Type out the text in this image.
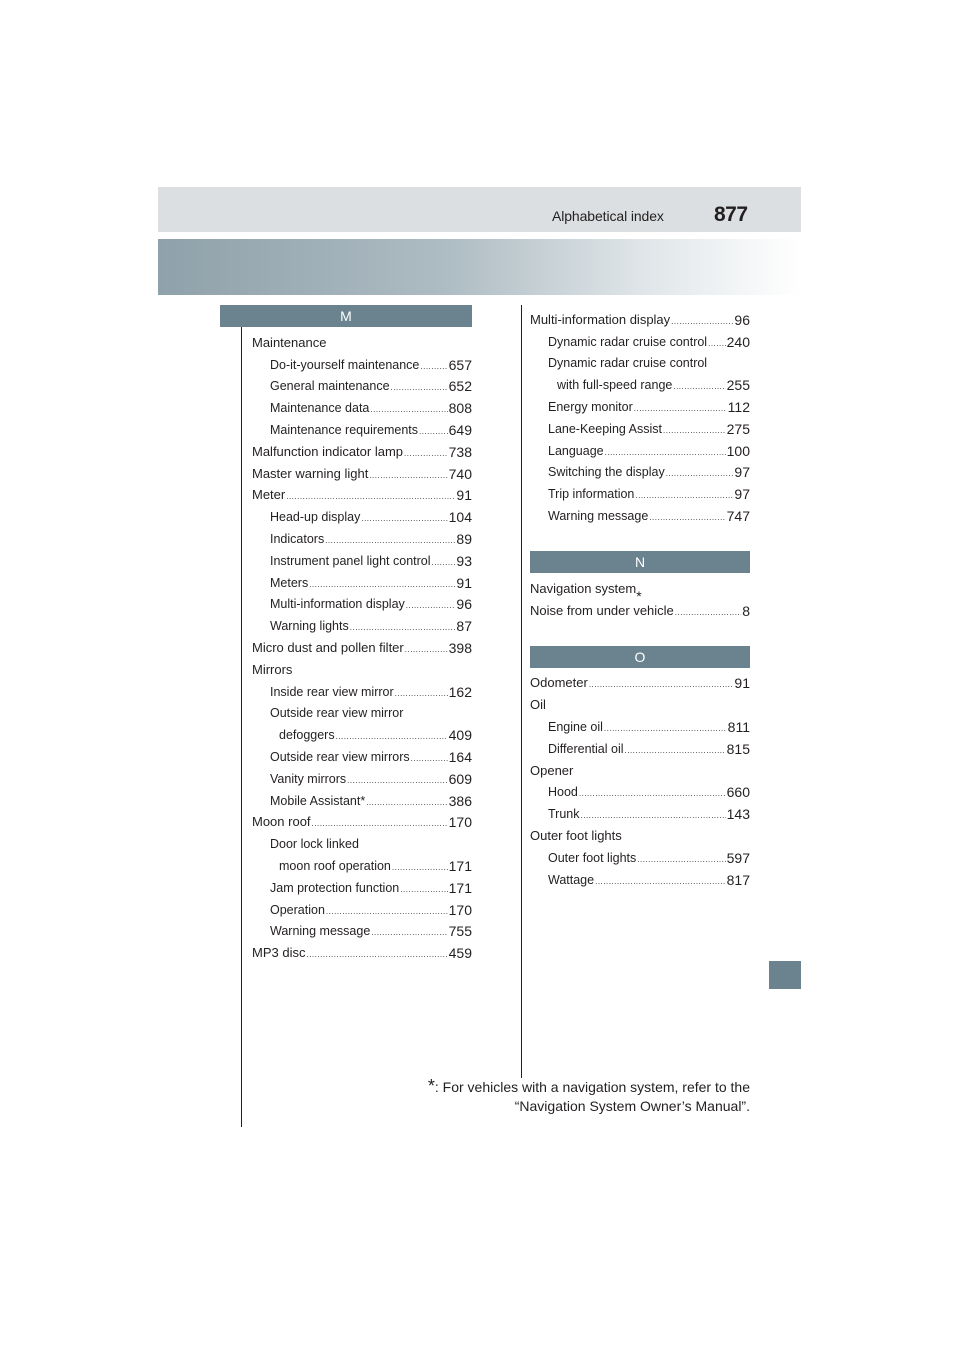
Alphabetical index 877
M
Maintenance
Do-it-yourself maintenance ..... 657
General maintenance .....	652
Maintenance data .....	808
Maintenance requirements ..... 649
Malfunction indicator lamp .....	738
Master warning light .....	740
Meter .....	91
Head-up display .....	104
Indicators .....	89
Instrument panel light control ..... 93
Meters .....	91
Multi-information display .....	96
Warning lights .....	87
Micro dust and pollen filter .....	398
Mirrors
Inside rear view mirror .....	162
Outside rear view mirror
defoggers .....	409
Outside rear view mirrors .....	164
Vanity mirrors .....	609
Mobile Assistant* .....	386
Moon roof .....	170
Door lock linked
moon roof operation .....	171
Jam protection function .....	171
Operation .....	170
Warning message .....	755
MP3 disc .....	459
Multi-information display .....	96
Dynamic radar cruise control ..... 240
Dynamic radar cruise control
with full-speed range .....	255
Energy monitor .....	112
Lane-Keeping Assist .....	275
Language .....	100
Switching the display .....	97
Trip information .....	97
Warning message .....	747
N
Navigation system *
Noise from under vehicle .....	8
O
Odometer .....	91
Oil
Engine oil .....	811
Differential oil .....	815
Opener
Hood .....	660
Trunk .....	143
Outer foot lights
Outer foot lights .....	597
Wattage .....	817
*: For vehicles with a navigation system, refer to the
“Navigation System Owner’s Manual”.
